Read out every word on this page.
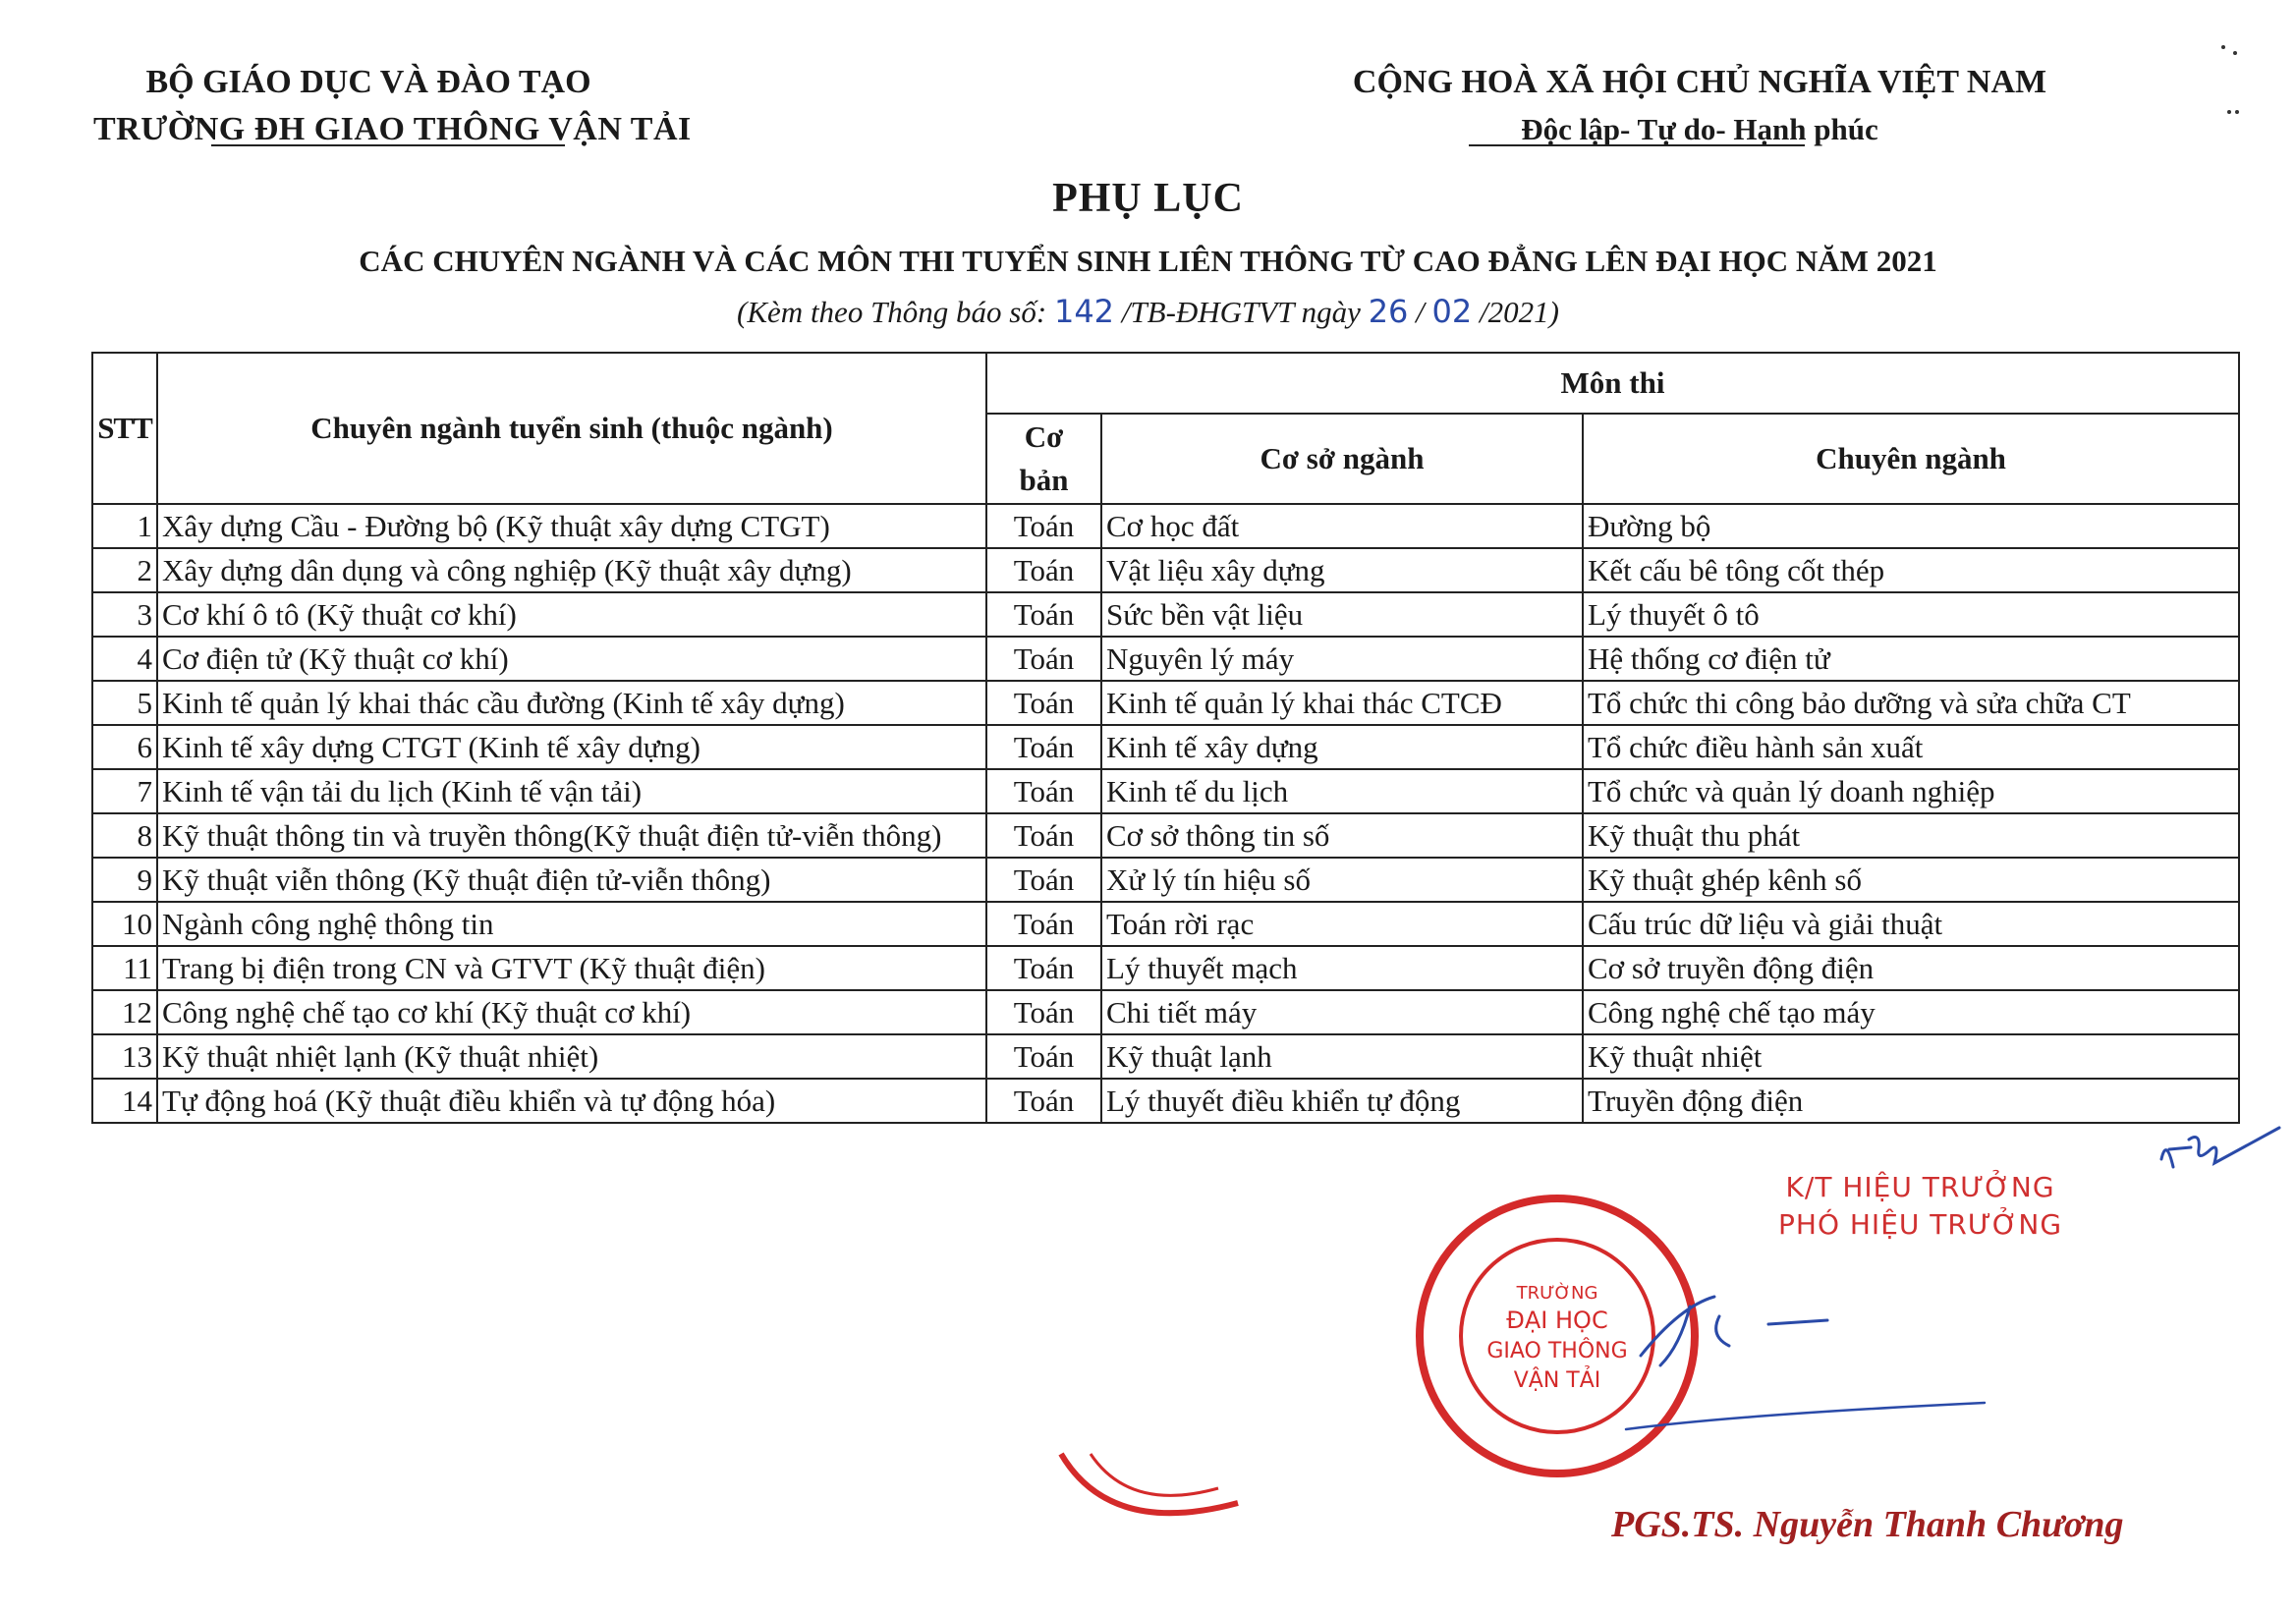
BỘ GIÁO DỤC VÀ ĐÀO TẠO
TRƯỜNG ĐH GIAO THÔNG VẬN TẢI
CỘNG HOÀ XÃ HỘI CHỦ NGHĨA VIỆT NAM
Độc lập- Tự do- Hạnh phúc
PHỤ LỤC
CÁC CHUYÊN NGÀNH VÀ CÁC MÔN THI TUYỂN SINH LIÊN THÔNG TỪ CAO ĐẲNG LÊN ĐẠI HỌC NĂM 2021
(Kèm theo Thông báo số: 142 /TB-ĐHGTVT ngày 26 / 02 /2021)
STT	Chuyên ngành tuyển sinh (thuộc ngành)	Môn thi		
		Cơ bản	Cơ sở ngành	Chuyên ngành
1	Xây dựng Cầu - Đường bộ (Kỹ thuật xây dựng CTGT)	Toán	Cơ học đất	Đường bộ
2	Xây dựng dân dụng và công nghiệp (Kỹ thuật xây dựng)	Toán	Vật liệu xây dựng	Kết cấu bê tông cốt thép
3	Cơ khí ô tô (Kỹ thuật cơ khí)	Toán	Sức bền vật liệu	Lý thuyết ô tô
4	Cơ điện tử (Kỹ thuật cơ khí)	Toán	Nguyên lý máy	Hệ thống cơ điện tử
5	Kinh tế quản lý khai thác cầu đường (Kinh tế xây dựng)	Toán	Kinh tế quản lý khai thác CTCĐ	Tổ chức thi công bảo dưỡng và sửa chữa CT
6	Kinh tế xây dựng CTGT (Kinh tế xây dựng)	Toán	Kinh tế xây dựng	Tổ chức điều hành sản xuất
7	Kinh tế vận tải du lịch (Kinh tế vận tải)	Toán	Kinh tế du lịch	Tổ chức và quản lý doanh nghiệp
8	Kỹ thuật thông tin và truyền thông(Kỹ thuật điện tử-viễn thông)	Toán	Cơ sở thông tin số	Kỹ thuật thu phát
9	Kỹ thuật viễn thông (Kỹ thuật điện tử-viễn thông)	Toán	Xử lý tín hiệu số	Kỹ thuật ghép kênh số
10	Ngành công nghệ thông tin	Toán	Toán rời rạc	Cấu trúc dữ liệu và giải thuật
11	Trang bị điện trong CN và GTVT (Kỹ thuật điện)	Toán	Lý thuyết mạch	Cơ sở truyền động điện
12	Công nghệ chế tạo cơ khí (Kỹ thuật cơ khí)	Toán	Chi tiết máy	Công nghệ chế tạo máy
13	Kỹ thuật nhiệt lạnh (Kỹ thuật nhiệt)	Toán	Kỹ thuật lạnh	Kỹ thuật nhiệt
14	Tự động hoá (Kỹ thuật điều khiển và tự động hóa)	Toán	Lý thuyết điều khiển tự động	Truyền động điện
K/T HIỆU TRƯỞNG
PHÓ HIỆU TRƯỞNG
TRƯỜNG
ĐẠI HỌC
GIAO THÔNG
VẬN TẢI
PGS.TS. Nguyễn Thanh Chương
